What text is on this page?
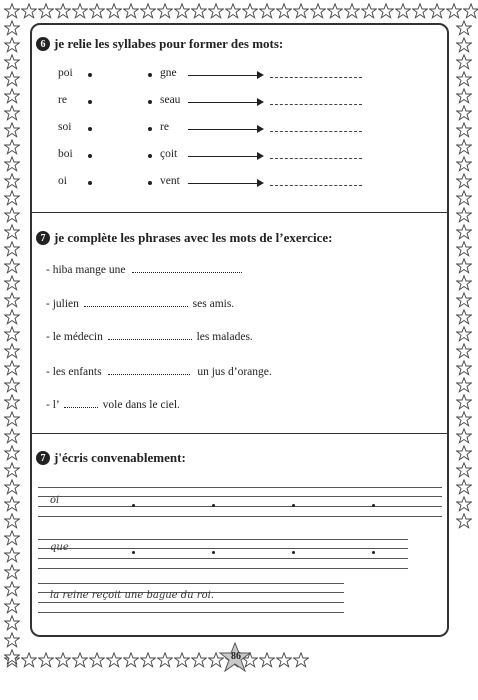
6 je relie les syllabes pour former des mots:
poi	gne
re	seau
soi	re
boi	çoit
oi	vent
7 je complète les phrases avec les mots de l’exercice:
- hiba mange une
- julien	ses amis.
- le médecin	les malades.
- les enfants	un jus d’orange.
- l’	vole dans le ciel.
7 j'écris convenablement:
oi
que
la reine reçoit une bague du roi.
86
